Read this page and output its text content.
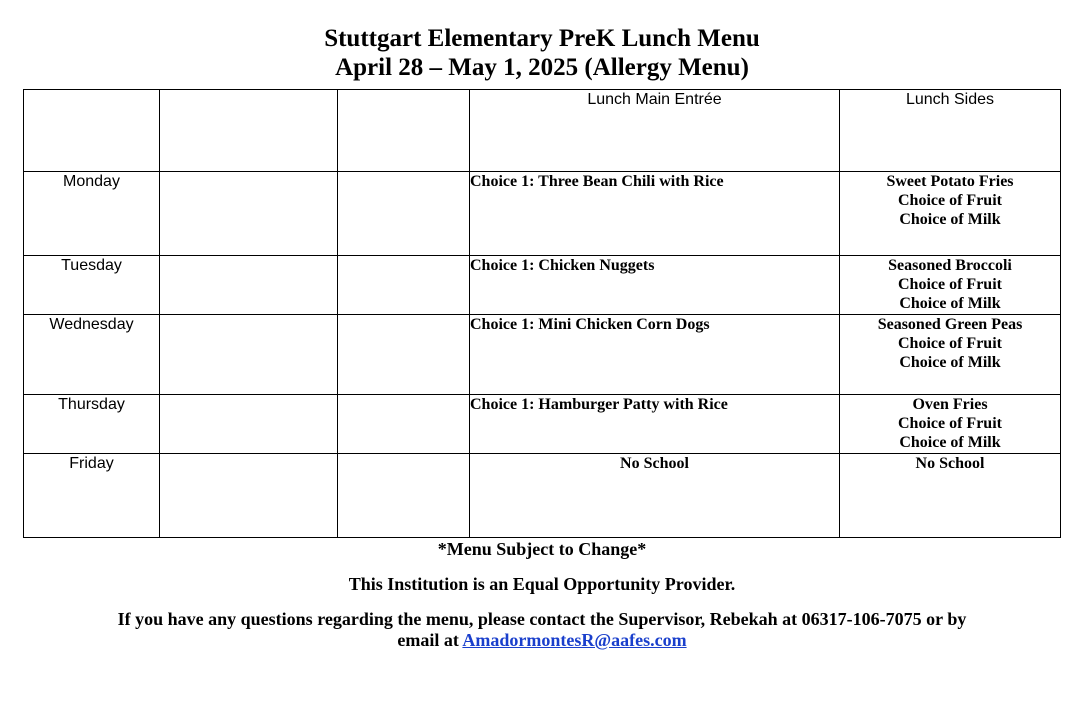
Stuttgart Elementary PreK Lunch Menu
April 28 – May 1, 2025 (Allergy Menu)
			Lunch Main Entrée	Lunch Sides
Monday			Choice 1: Three Bean Chili with Rice	Sweet Potato Fries
Choice of Fruit
Choice of Milk

Tuesday			Choice 1: Chicken Nuggets	Seasoned Broccoli
Choice of Fruit
Choice of Milk

Wednesday			Choice 1: Mini Chicken Corn Dogs	Seasoned Green Peas
Choice of Fruit
Choice of Milk

Thursday			Choice 1: Hamburger Patty with Rice	Oven Fries
Choice of Fruit
Choice of Milk

Friday			No School	No School
*Menu Subject to Change*
This Institution is an Equal Opportunity Provider.
If you have any questions regarding the menu, please contact the Supervisor, Rebekah at 06317-106-7075 or by
email at AmadormontesR@aafes.com
